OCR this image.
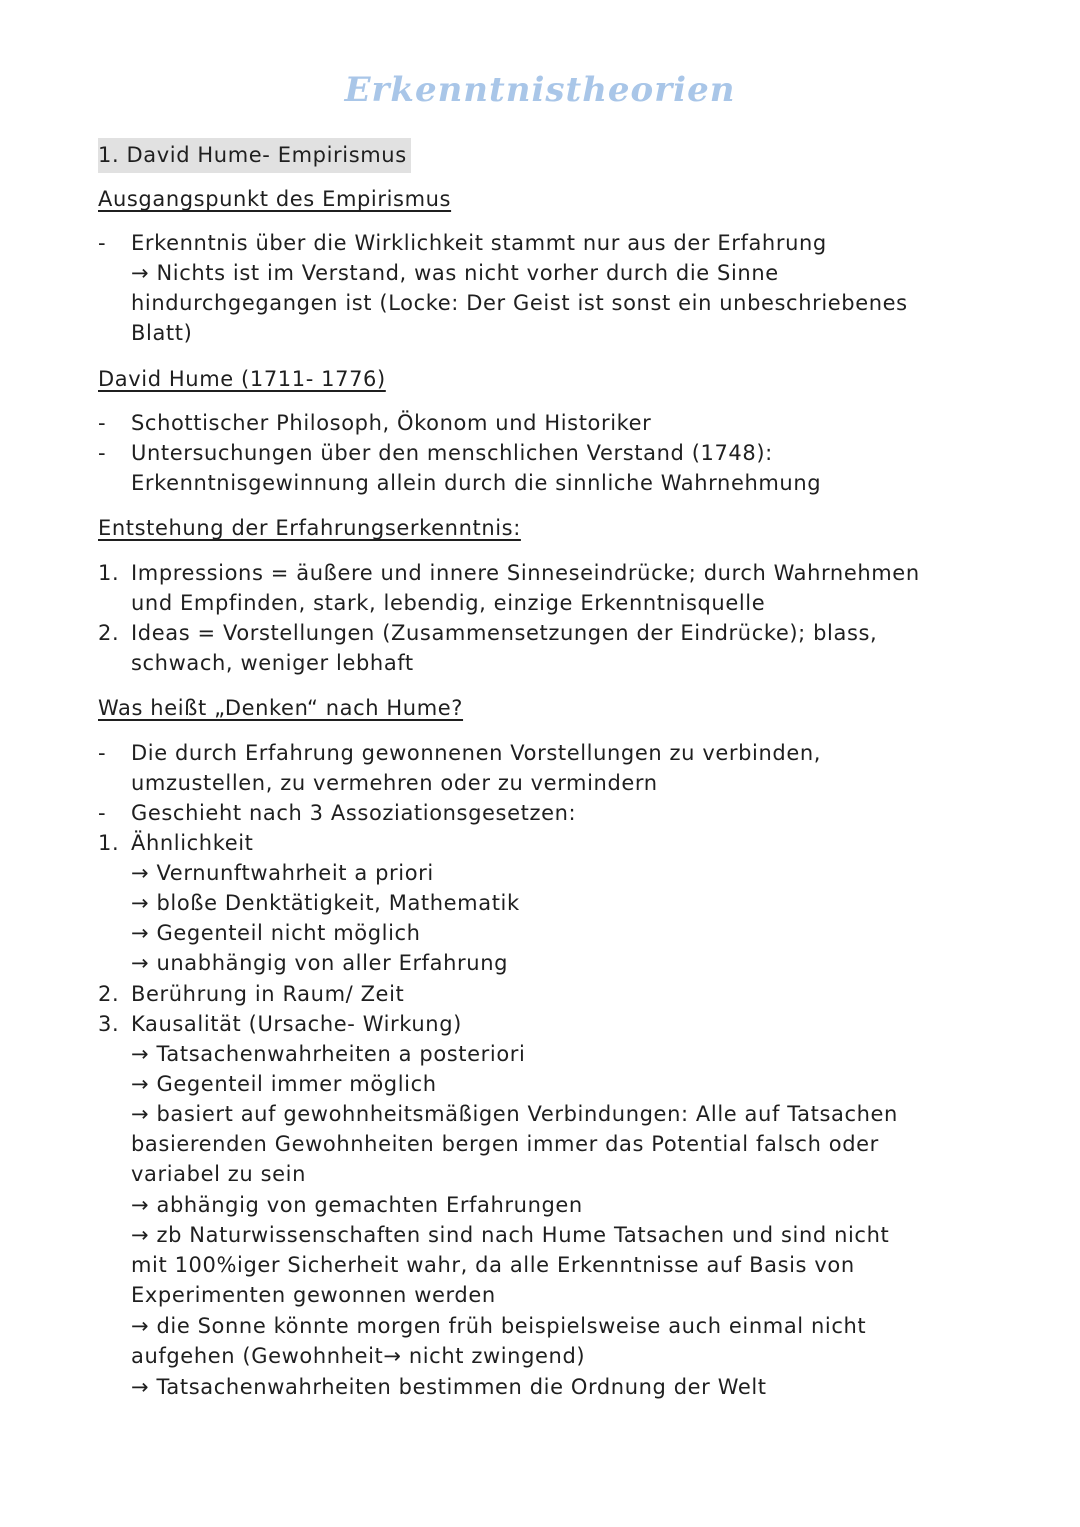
Erkenntnistheorien
1. David Hume- Empirismus
Ausgangspunkt des Empirismus
- Erkenntnis über die Wirklichkeit stammt nur aus der Erfahrung
→ Nichts ist im Verstand, was nicht vorher durch die Sinne
hindurchgegangen ist (Locke: Der Geist ist sonst ein unbeschriebenes
Blatt)
David Hume (1711- 1776)
- Schottischer Philosoph, Ökonom und Historiker
- Untersuchungen über den menschlichen Verstand (1748):
Erkenntnisgewinnung allein durch die sinnliche Wahrnehmung
Entstehung der Erfahrungserkenntnis:
1. Impressions = äußere und innere Sinneseindrücke; durch Wahrnehmen
und Empfinden, stark, lebendig, einzige Erkenntnisquelle
2. Ideas = Vorstellungen (Zusammensetzungen der Eindrücke); blass,
schwach, weniger lebhaft
Was heißt „Denken“ nach Hume?
- Die durch Erfahrung gewonnenen Vorstellungen zu verbinden,
umzustellen, zu vermehren oder zu vermindern
- Geschieht nach 3 Assoziationsgesetzen:
1. Ähnlichkeit
→ Vernunftwahrheit a priori
→ bloße Denktätigkeit, Mathematik
→ Gegenteil nicht möglich
→ unabhängig von aller Erfahrung
2. Berührung in Raum/ Zeit
3. Kausalität (Ursache- Wirkung)
→ Tatsachenwahrheiten a posteriori
→ Gegenteil immer möglich
→ basiert auf gewohnheitsmäßigen Verbindungen: Alle auf Tatsachen
basierenden Gewohnheiten bergen immer das Potential falsch oder
variabel zu sein
→ abhängig von gemachten Erfahrungen
→ zb Naturwissenschaften sind nach Hume Tatsachen und sind nicht
mit 100%iger Sicherheit wahr, da alle Erkenntnisse auf Basis von
Experimenten gewonnen werden
→ die Sonne könnte morgen früh beispielsweise auch einmal nicht
aufgehen (Gewohnheit→ nicht zwingend)
→ Tatsachenwahrheiten bestimmen die Ordnung der Welt
